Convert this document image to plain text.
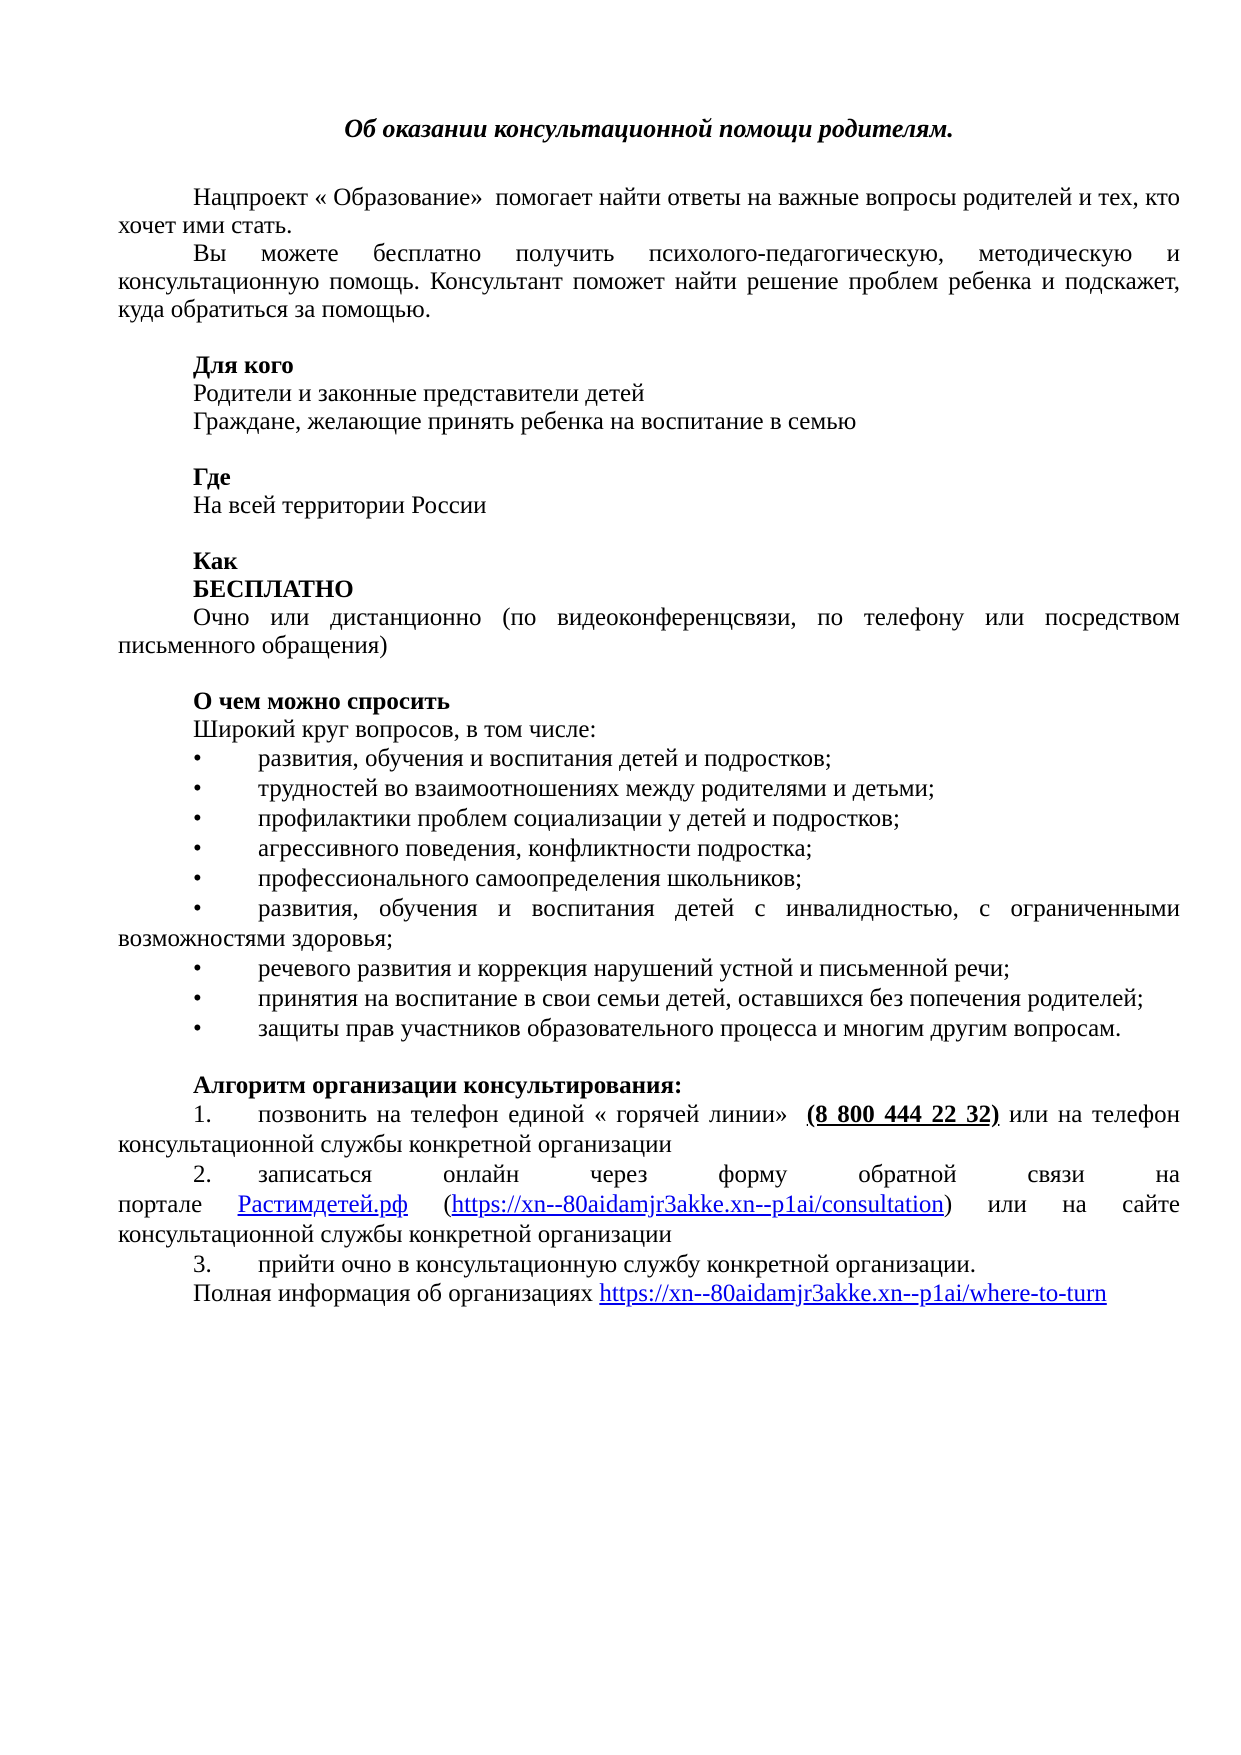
Об оказании консультационной помощи родителям.

Нацпроект « Образование»  помогает найти ответы на важные вопросы родителей и тех, кто хочет ими стать.

Вы можете бесплатно получить психолого-педагогическую, методическую и консультационную помощь. Консультант поможет найти решение проблем ребенка и подскажет, куда обратиться за помощью.

Для кого

Родители и законные представители детей

Граждане, желающие принять ребенка на воспитание в семью

Где

На всей территории России

Как

БЕСПЛАТНО

Очно или дистанционно (по видеоконференцсвязи, по телефону или посредством письменного обращения)

О чем можно спросить

Широкий круг вопросов, в том числе:

• развития, обучения и воспитания детей и подростков;

• трудностей во взаимоотношениях между родителями и детьми;

• профилактики проблем социализации у детей и подростков;

• агрессивного поведения, конфликтности подростка;

• профессионального самоопределения школьников;

• развития, обучения и воспитания детей с инвалидностью, с ограниченными возможностями здоровья;

• речевого развития и коррекция нарушений устной и письменной речи;

• принятия на воспитание в свои семьи детей, оставшихся без попечения родителей;

• защиты прав участников образовательного процесса и многим другим вопросам.

Алгоритм организации консультирования:

1. позвонить на телефон единой « горячей линии»  (8 800 444 22 32) или на телефон консультационной службы конкретной организации

2. записаться онлайн через форму обратной связи на портале Растимдетей.рф (https://xn--80aidamjr3akke.xn--p1ai/consultation) или на сайте консультационной службы конкретной организации

3. прийти очно в консультационную службу конкретной организации.

Полная информация об организациях https://xn--80aidamjr3akke.xn--p1ai/where-to-turn
